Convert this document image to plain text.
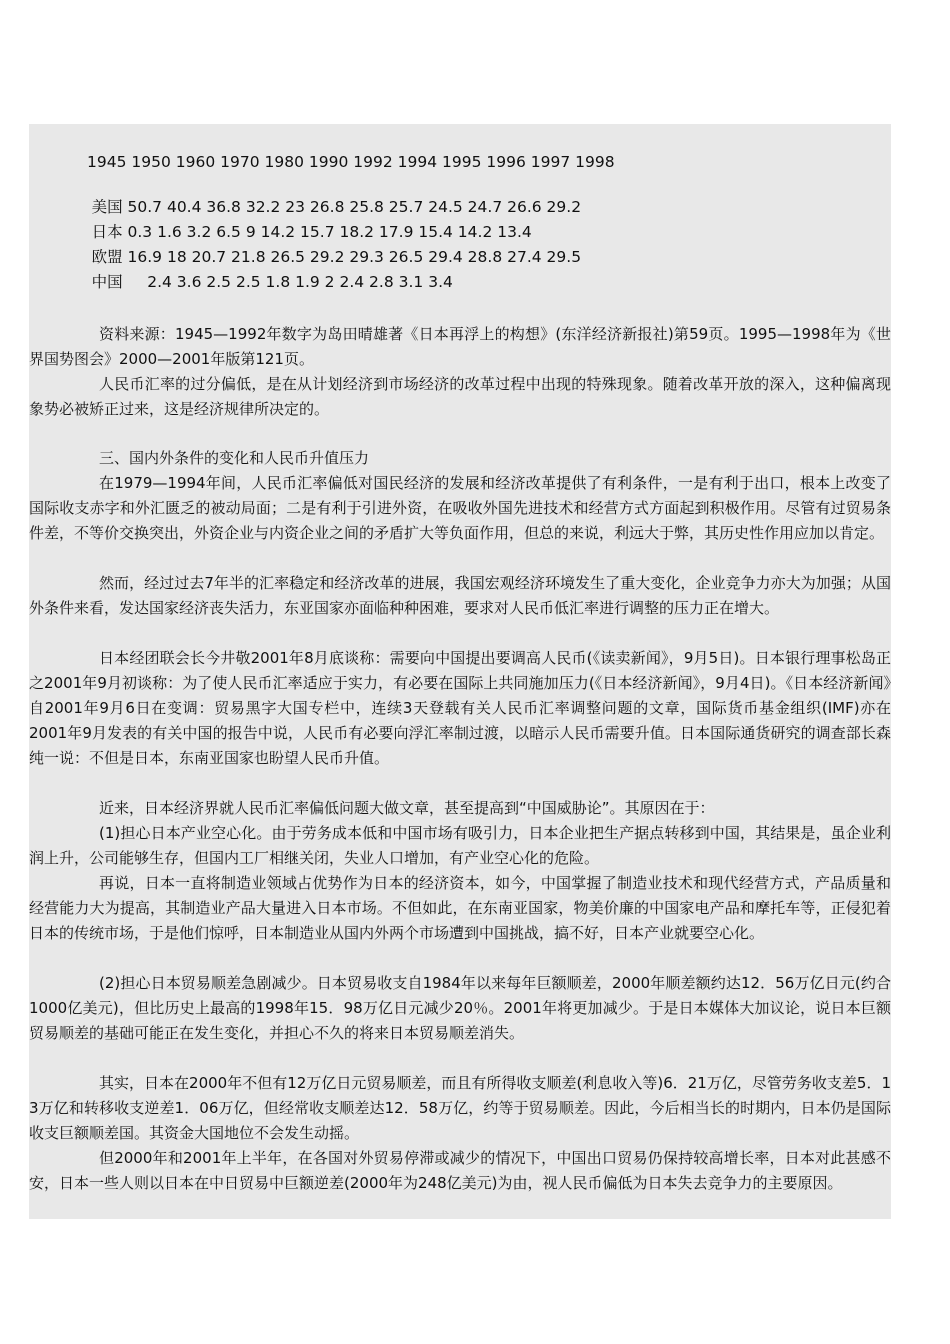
1945 1950 1960 1970 1980 1990 1992 1994 1995 1996 1997 1998

美国 50.7 40.4 36.8 32.2 23 26.8 25.8 25.7 24.5 24.7 26.6 29.2

日本 0.3 1.6 3.2 6.5 9 14.2 15.7 18.2 17.9 15.4 14.2 13.4

欧盟 16.9 18 20.7 21.8 26.5 29.2 29.3 26.5 29.4 28.8 27.4 29.5

中国     2.4 3.6 2.5 2.5 1.8 1.9 2 2.4 2.8 3.1 3.4

资料来源：1945—1992年数字为岛田晴雄著《日本再浮上的构想》(东洋经济新报社)第59页。1995—1998年为《世界国势图会》2000—2001年版第121页。

人民币汇率的过分偏低，是在从计划经济到市场经济的改革过程中出现的特殊现象。随着改革开放的深入，这种偏离现象势必被矫正过来，这是经济规律所决定的。

三、国内外条件的变化和人民币升值压力

在1979—1994年间，人民币汇率偏低对国民经济的发展和经济改革提供了有利条件，一是有利于出口，根本上改变了国际收支赤字和外汇匮乏的被动局面；二是有利于引进外资，在吸收外国先进技术和经营方式方面起到积极作用。尽管有过贸易条件差，不等价交换突出，外资企业与内资企业之间的矛盾扩大等负面作用，但总的来说，利远大于弊，其历史性作用应加以肯定。

然而，经过过去7年半的汇率稳定和经济改革的进展，我国宏观经济环境发生了重大变化，企业竞争力亦大为加强；从国外条件来看，发达国家经济丧失活力，东亚国家亦面临种种困难，要求对人民币低汇率进行调整的压力正在增大。

日本经团联会长今井敬2001年8月底谈称：需要向中国提出要调高人民币(《读卖新闻》，9月5日)。日本银行理事松岛正之2001年9月初谈称：为了使人民币汇率适应于实力，有必要在国际上共同施加压力(《日本经济新闻》，9月4日)。《日本经济新闻》自2001年9月6日在变调：贸易黑字大国专栏中，连续3天登载有关人民币汇率调整问题的文章，国际货币基金组织(IMF)亦在　　2001年9月发表的有关中国的报告中说，人民币有必要向浮汇率制过渡，以暗示人民币需要升值。日本国际通货研究的调查部长森纯一说：不但是日本，东南亚国家也盼望人民币升值。

近来，日本经济界就人民币汇率偏低问题大做文章，甚至提高到“中国威胁论”。其原因在于：

(1)担心日本产业空心化。由于劳务成本低和中国市场有吸引力，日本企业把生产据点转移到中国，其结果是，虽企业利润上升，公司能够生存，但国内工厂相继关闭，失业人口增加，有产业空心化的危险。

再说，日本一直将制造业领域占优势作为日本的经济资本，如今，中国掌握了制造业技术和现代经营方式，产品质量和经营能力大为提高，其制造业产品大量进入日本市场。不但如此，在东南亚国家，物美价廉的中国家电产品和摩托车等，正侵犯着日本的传统市场，于是他们惊呼，日本制造业从国内外两个市场遭到中国挑战，搞不好，日本产业就要空心化。

(2)担心日本贸易顺差急剧减少。日本贸易收支自1984年以来每年巨额顺差，2000年顺差额约达12．56万亿日元(约合1000亿美元)，但比历史上最高的1998年15．98万亿日元减少20％。2001年将更加减少。于是日本媒体大加议论，说日本巨额贸易顺差的基础可能正在发生变化，并担心不久的将来日本贸易顺差消失。

其实，日本在2000年不但有12万亿日元贸易顺差，而且有所得收支顺差(利息收入等)6．21万亿，尽管劳务收支差5．13万亿和转移收支逆差1．06万亿，但经常收支顺差达12．58万亿，约等于贸易顺差。因此，今后相当长的时期内，日本仍是国际收支巨额顺差国。其资金大国地位不会发生动摇。

但2000年和2001年上半年，在各国对外贸易停滞或减少的情况下，中国出口贸易仍保持较高增长率，日本对此甚感不安，日本一些人则以日本在中日贸易中巨额逆差(2000年为248亿美元)为由，视人民币偏低为日本失去竞争力的主要原因。
